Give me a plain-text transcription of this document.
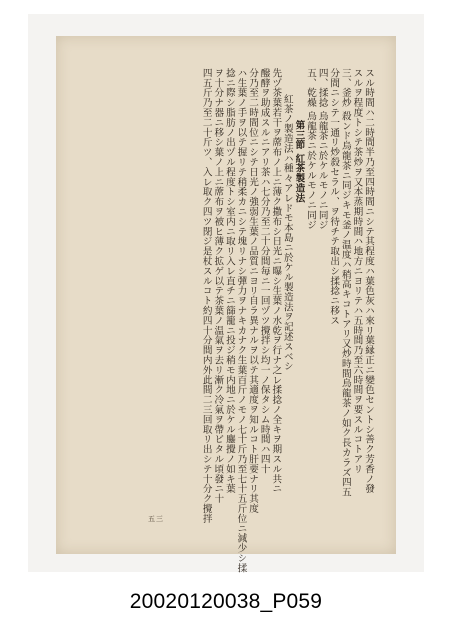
スル時間ハ二時間半乃至四時間ニシテ其程度ハ葉色灰ハ來リ葉縁正ニ變色セントシ善ク芳香ノ發
スルヲ程度トシテ茶炒ヲ又本蒸期時間ハ地方ニヨリテハ五時間乃至六時間ヲ要スルコトアリ
三、釜炒 殺ンド烏龍茶ニ同ジキモ釜ノ温度ハ稍高キコトアリ又炒時間烏龍茶ノ如ク長カラズ四五
分間ニシテ一通リ炒殺セラル、ヲ待チテ取出シ揉捻ニ移ス
四、揉捻 烏龍茶ニ於ケルモノニ同ジ
五、乾燥 烏龍茶ニ於ケルモノニ同ジ
第三節 紅茶製造法
紅茶ノ製造法ハ種々アレドモ本島ニ於ケル製造法ヲ記述スベシ
先ヅ茶葉若干ヲ蓆布ノ上ニ薄ク撒布シ日光ニ曝シ生葉ノ水乾ヲ行ナ之レ揉捻ノ全キヲ期スル共ニ
醱酵ヲ助成スルニアリ茶ハ七分乃至二十分間毎ニ一回ヅツ攪拌シ均一ノ保タシム時間ハ四十
分乃至二時間位ニシテ日光ノ強弱生葉ノ品質ニヨリ自ラ異ナルヲ以テ其適度ヲ知ルコト肝要ナリ其度
ハ生葉ノ手ヲ以テ握リテ稍柔カニシテ塊リナシ彈力ヲナキカナク生葉百斤ノモノ七十斤乃至七十五斤位ニ減少シ揉
捻ニ際シ脂肪ノ出ヅル程度トシ室内ニ取リ入レ直チニ篩籠ニ投ジ稍モ内地ニ於ケル鏖攪ノ如キ葉
ヲ十分ナ器ニ移シ葉ノ上ニ蓆布ヲ被ヒ薄ク拡ゲ以テ茶葉ノ温氣ヲ去リ漸ク冷氣ヲ帶ビタル頃發ニ十
四五斤乃至二十斤ツ、入レ取ク四ツ閉ジ是杖スルコト約四十分間内外此間二三回取リ出シテ十分ク攪拌
五三
20020120038_P059
